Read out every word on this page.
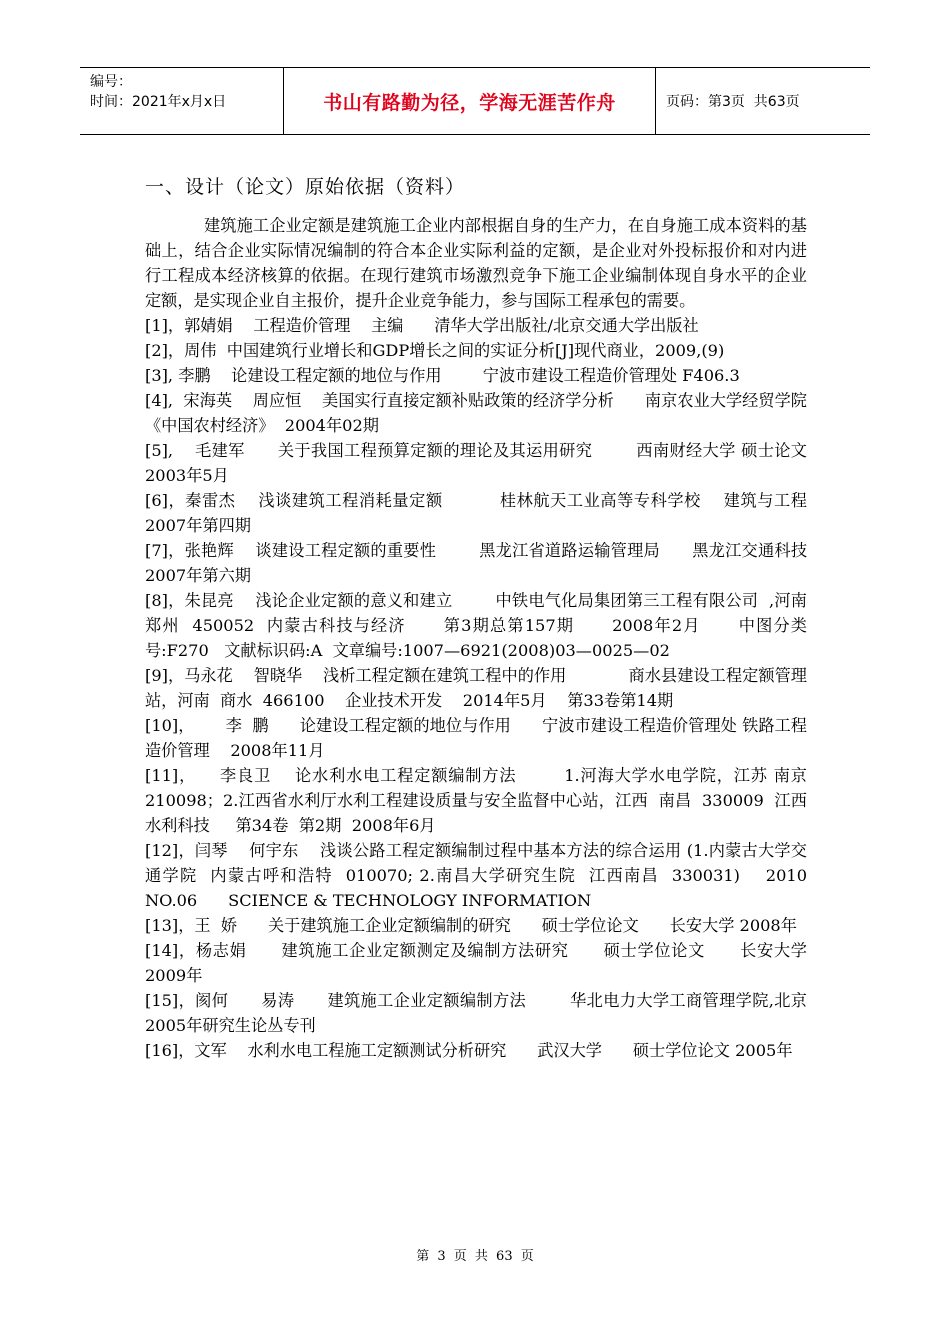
编号：
时间：2021年x月x日	书山有路勤为径，学海无涯苦作舟	页码：第3页  共63页
一、设计（论文）原始依据（资料）

建筑施工企业定额是建筑施工企业内部根据自身的生产力，在自身施工成本资料的基础上，结合企业实际情况编制的符合本企业实际利益的定额，是企业对外投标报价和对内进行工程成本经济核算的依据。在现行建筑市场激烈竞争下施工企业编制体现自身水平的企业定额，是实现企业自主报价，提升企业竞争能力，参与国际工程承包的需要。

[1]，郭婧娟    工程造价管理    主编      清华大学出版社/北京交通大学出版社

[2]，周伟  中国建筑行业增长和GDP增长之间的实证分析[J]现代商业，2009,(9)

[3], 李鹏    论建设工程定额的地位与作用        宁波市建设工程造价管理处 F406.3

[4],  宋海英    周应恒    美国实行直接定额补贴政策的经济学分析      南京农业大学经贸学院       《中国农村经济》  2004年02期

[5],    毛建军      关于我国工程预算定额的理论及其运用研究        西南财经大学 硕士论文  2003年5月

[6]，秦雷杰    浅谈建筑工程消耗量定额          桂林航天工业高等专科学校    建筑与工程      2007年第四期

[7]，张艳辉    谈建设工程定额的重要性        黑龙江省道路运输管理局      黑龙江交通科技  2007年第六期

[8]，朱昆亮    浅论企业定额的意义和建立        中铁电气化局集团第三工程有限公司  ,河南郑州  450052  内蒙古科技与经济      第3期总第157期      2008年2月      中图分类号:F270   文献标识码:A  文章编号:1007—6921(2008)03—0025—02

[9]，马永花    智晓华    浅析工程定额在建筑工程中的作用            商水县建设工程定额管理站，河南  商水  466100    企业技术开发    2014年5月    第33卷第14期

[10]，      李  鹏      论建设工程定额的地位与作用      宁波市建设工程造价管理处 铁路工程造价管理    2008年11月

[11]，    李良卫    论水利水电工程定额编制方法        1.河海大学水电学院，江苏 南京  210098；2.江西省水利厅水利工程建设质量与安全监督中心站，江西  南昌  330009  江西水利科技     第34卷  第2期  2008年6月

[12]，闫琴    何宇东    浅谈公路工程定额编制过程中基本方法的综合运用 (1.内蒙古大学交通学院  内蒙古呼和浩特  010070; 2.南昌大学研究生院  江西南昌  330031)    2010 NO.06      SCIENCE & TECHNOLOGY INFORMATION

[13]，王  娇      关于建筑施工企业定额编制的研究      硕士学位论文      长安大学 2008年

[14]，杨志娟      建筑施工企业定额测定及编制方法研究      硕士学位论文      长安大学  2009年

[15]，阂何      易涛      建筑施工企业定额编制方法        华北电力大学工商管理学院,北京    2005年研究生论丛专刊

[16]，文军    水利水电工程施工定额测试分析研究      武汉大学      硕士学位论文 2005年

第 3 页 共 63 页
